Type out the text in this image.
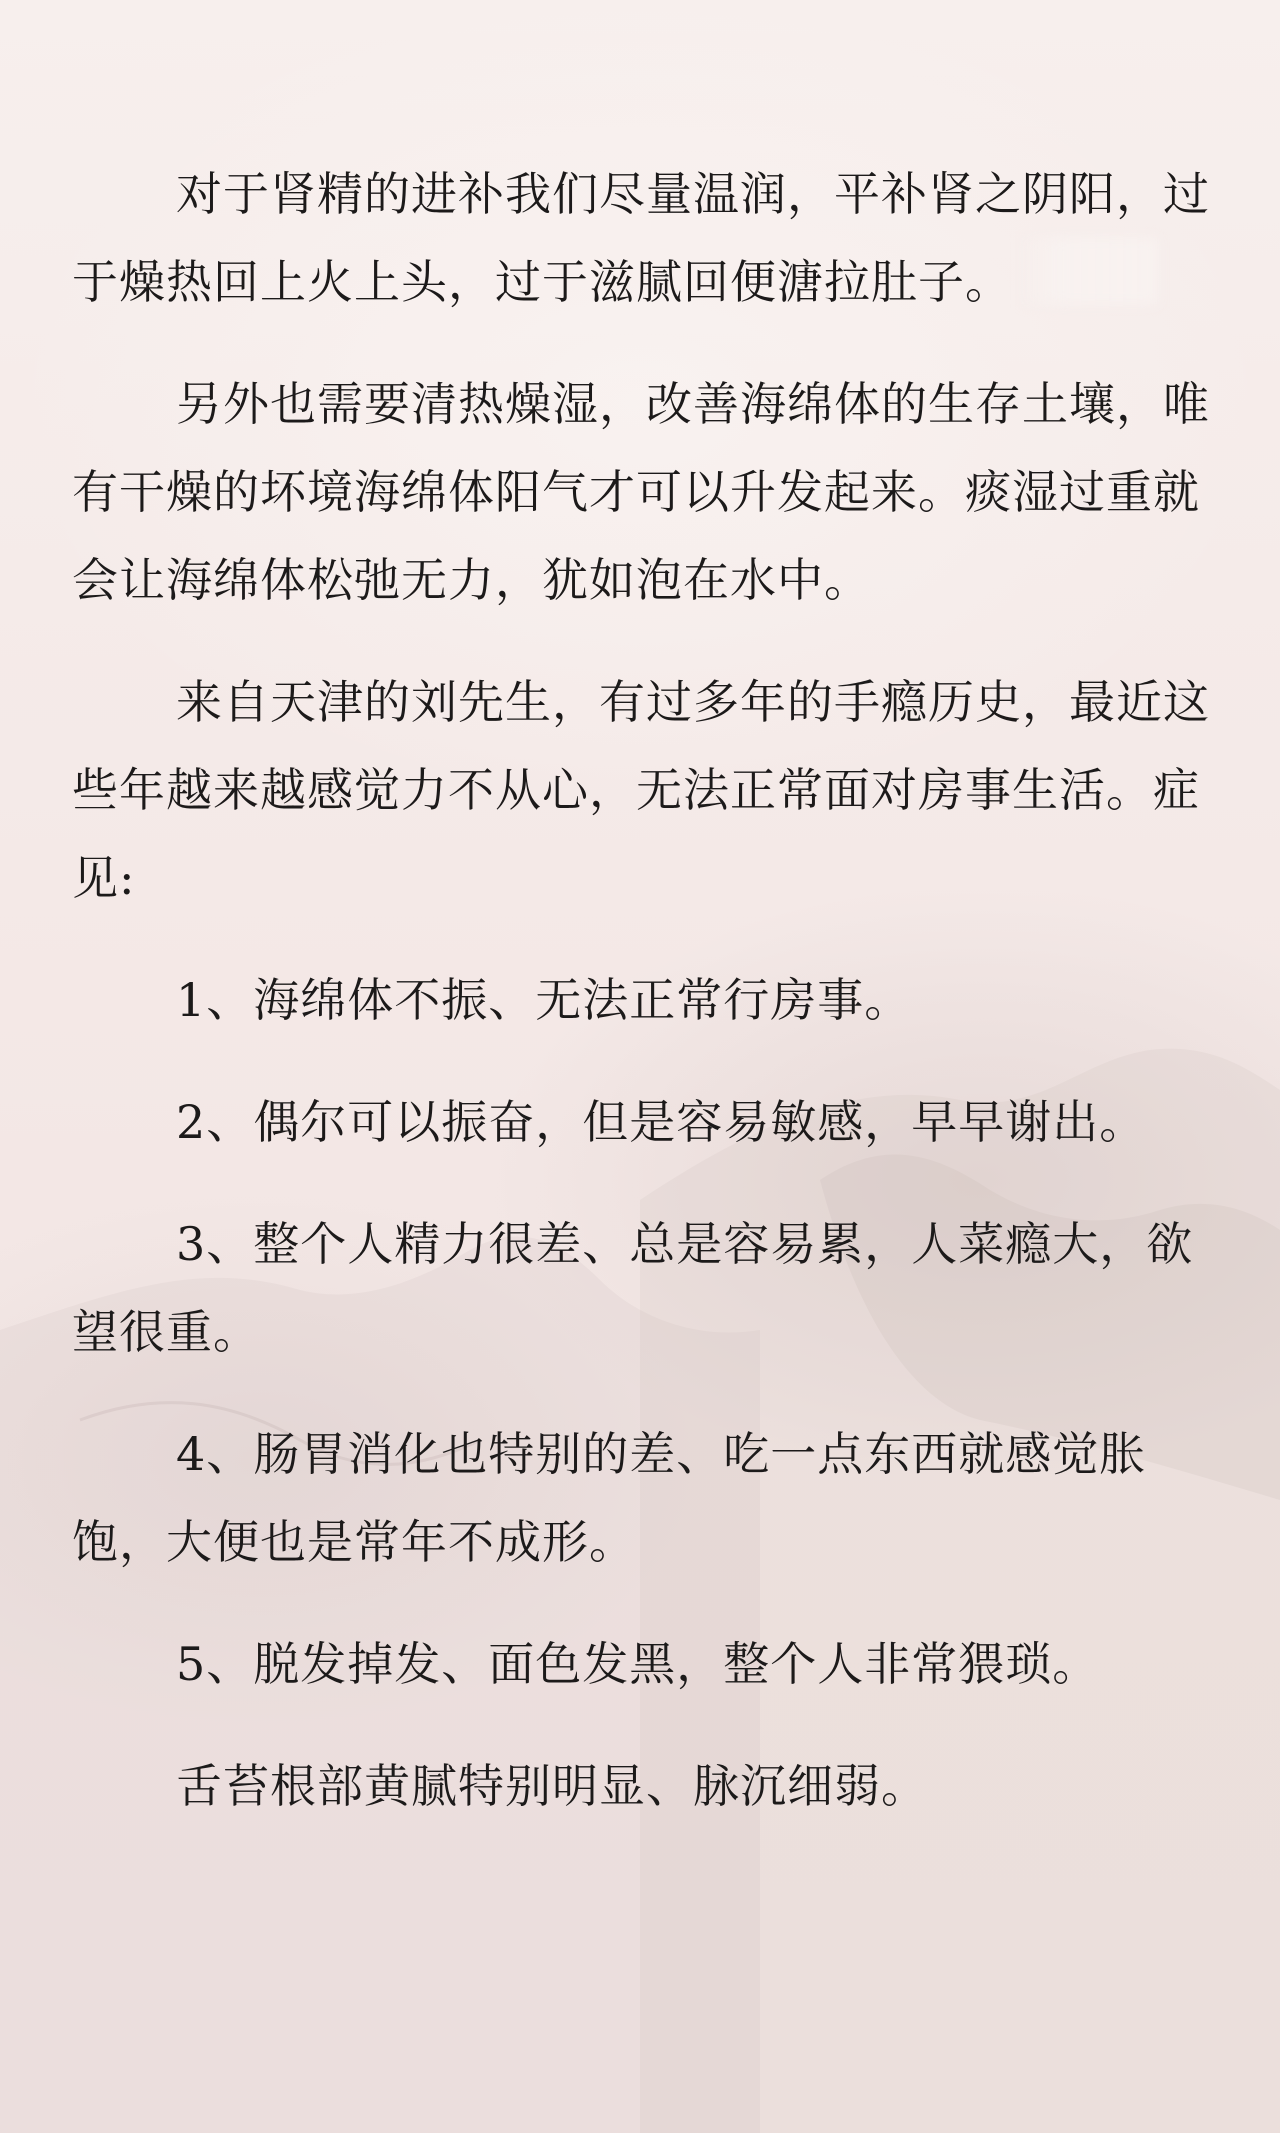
对于肾精的进补我们尽量温润，平补肾之阴阳，过于燥热回上火上头，过于滋腻回便溏拉肚子。

另外也需要清热燥湿，改善海绵体的生存土壤，唯有干燥的坏境海绵体阳气才可以升发起来。痰湿过重就会让海绵体松弛无力，犹如泡在水中。

来自天津的刘先生，有过多年的手瘾历史，最近这些年越来越感觉力不从心，无法正常面对房事生活。症见:

1、海绵体不振、无法正常行房事。

2、偶尔可以振奋，但是容易敏感，早早谢出。

3、整个人精力很差、总是容易累，人菜瘾大，欲望很重。

4、肠胃消化也特别的差、吃一点东西就感觉胀饱，大便也是常年不成形。

5、脱发掉发、面色发黑，整个人非常猥琐。

舌苔根部黄腻特别明显、脉沉细弱。
